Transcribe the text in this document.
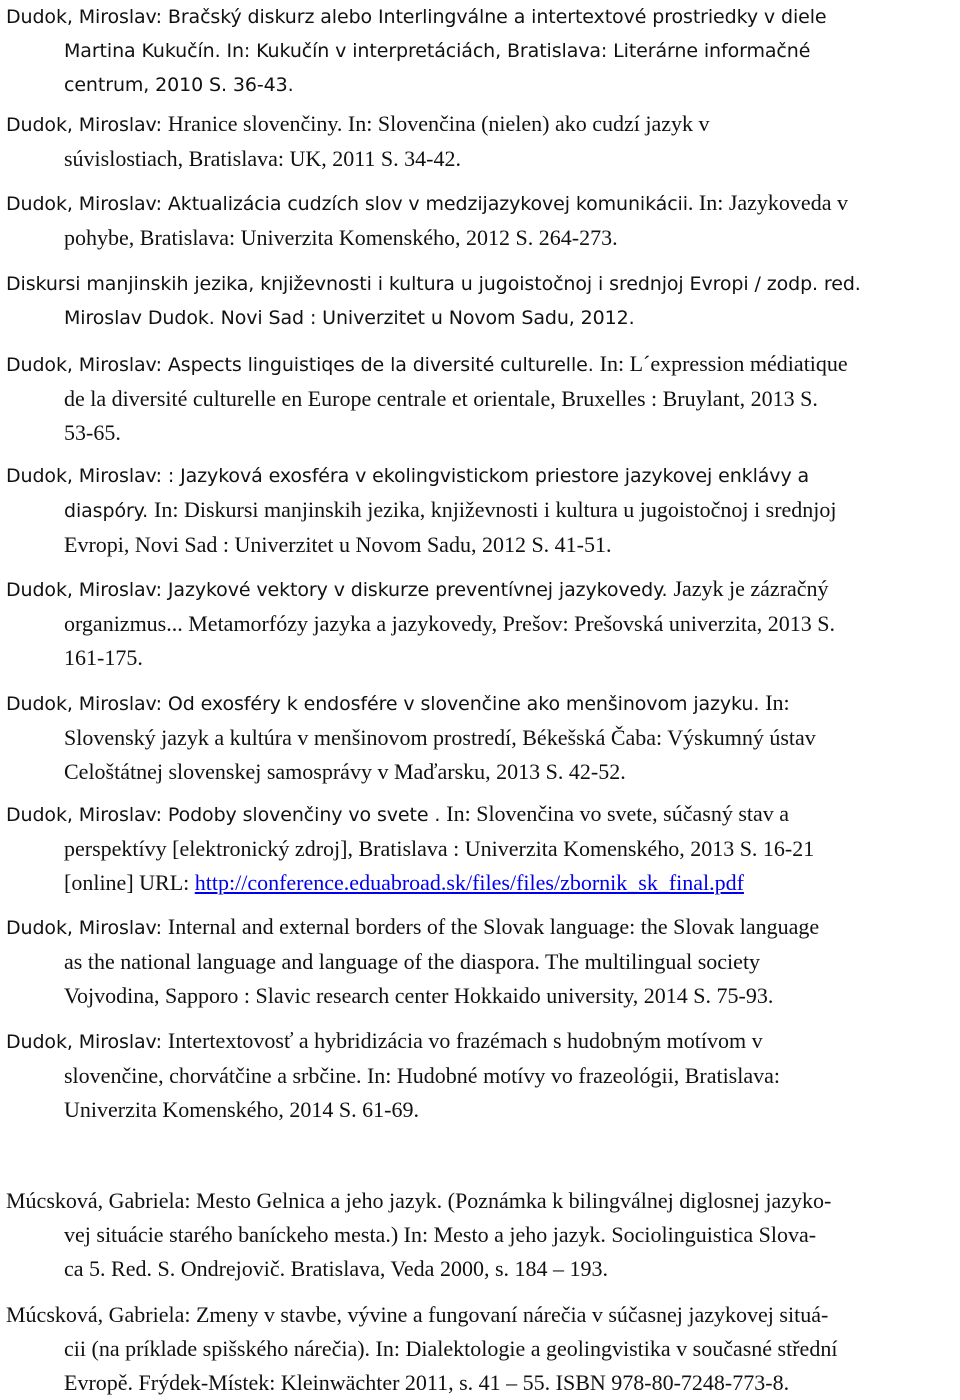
Dudok, Miroslav: Bračský diskurz alebo Interlingválne a intertextové prostriedky v diele
Martina Kukučín. In: Kukučín v interpretáciách, Bratislava: Literárne informačné
centrum, 2010 S. 36-43.
Dudok, Miroslav: Hranice slovenčiny. In: Slovenčina (nielen) ako cudzí jazyk v
súvislostiach, Bratislava: UK, 2011 S. 34-42.
Dudok, Miroslav: Aktualizácia cudzích slov v medzijazykovej komunikácii. In: Jazykoveda v
pohybe, Bratislava: Univerzita Komenského, 2012 S. 264-273.
Diskursi manjinskih jezika, književnosti i kultura u jugoistočnoj i srednjoj Evropi / zodp. red.
Miroslav Dudok. Novi Sad : Univerzitet u Novom Sadu, 2012.
Dudok, Miroslav: Aspects linguistiqes de la diversité culturelle. In: L´expression médiatique
de la diversité culturelle en Europe centrale et orientale, Bruxelles : Bruylant, 2013 S.
53-65.
Dudok, Miroslav: : Jazyková exosféra v ekolingvistickom priestore jazykovej enklávy a
diaspóry. In: Diskursi manjinskih jezika, književnosti i kultura u jugoistočnoj i srednjoj
Evropi, Novi Sad : Univerzitet u Novom Sadu, 2012 S. 41-51.
Dudok, Miroslav: Jazykové vektory v diskurze preventívnej jazykovedy. Jazyk je zázračný
organizmus... Metamorfózy jazyka a jazykovedy, Prešov: Prešovská univerzita, 2013 S.
161-175.
Dudok, Miroslav: Od exosféry k endosfére v slovenčine ako menšinovom jazyku. In:
Slovenský jazyk a kultúra v menšinovom prostredí, Békešská Čaba: Výskumný ústav
Celoštátnej slovenskej samosprávy v Maďarsku, 2013 S. 42-52.
Dudok, Miroslav: Podoby slovenčiny vo svete . In: Slovenčina vo svete, súčasný stav a
perspektívy [elektronický zdroj], Bratislava : Univerzita Komenského, 2013 S. 16-21
[online] URL: http://conference.eduabroad.sk/files/files/zbornik_sk_final.pdf
Dudok, Miroslav: Internal and external borders of the Slovak language: the Slovak language
as the national language and language of the diaspora. The multilingual society
Vojvodina, Sapporo : Slavic research center Hokkaido university, 2014 S. 75-93.
Dudok, Miroslav: Intertextovosť a hybridizácia vo frazémach s hudobným motívom v
slovenčine, chorvátčine a srbčine. In: Hudobné motívy vo frazeológii, Bratislava:
Univerzita Komenského, 2014 S. 61-69.
Múcsková, Gabriela: Mesto Gelnica a jeho jazyk. (Poznámka k bilingválnej diglosnej jazyko-
vej situácie starého baníckeho mesta.) In: Mesto a jeho jazyk. Sociolinguistica Slova-
ca 5. Red. S. Ondrejovič. Bratislava, Veda 2000, s. 184 – 193.
Múcsková, Gabriela: Zmeny v stavbe, vývine a fungovaní nárečia v súčasnej jazykovej situá-
cii (na príklade spišského nárečia). In: Dialektologie a geolingvistika v současné střední
Evropě. Frýdek-Místek: Kleinwächter 2011, s. 41 – 55. ISBN 978-80-7248-773-8.
